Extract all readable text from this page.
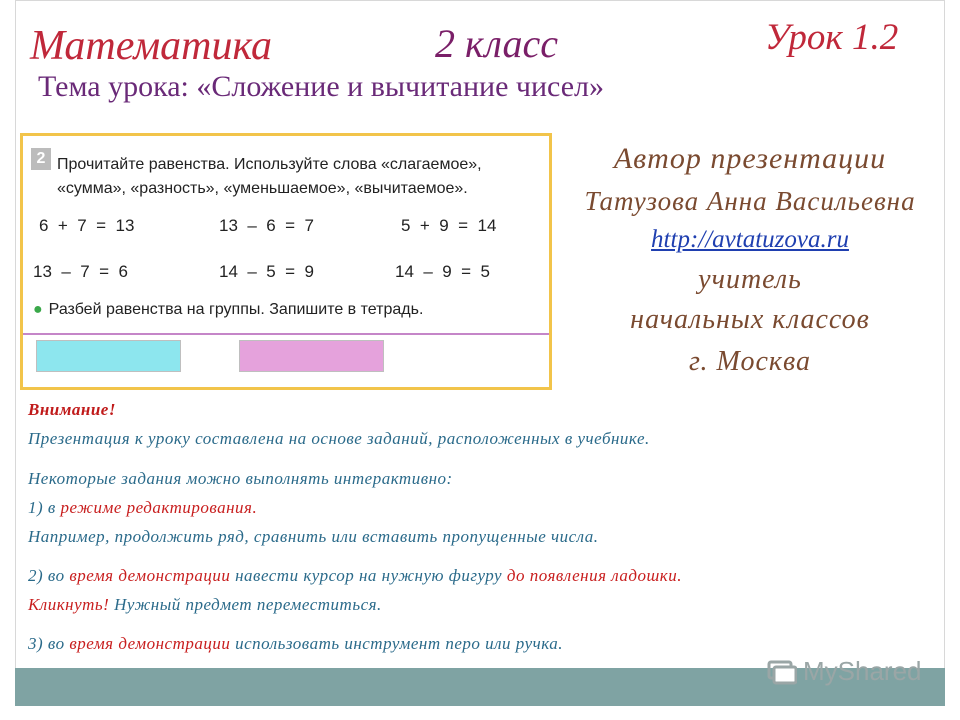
Математика	2 класс	Урок 1.2
Тема урока: «Сложение и вычитание чисел»
2 Прочитайте равенства. Используйте слова «слагаемое»,
«сумма», «разность», «уменьшаемое», «вычитаемое».
6  +  7  =  13	13  –  6  =  7	5  +  9  =  14
13  –  7  =  6	14  –  5  =  9	14  –  9  =  5
● Разбей равенства на группы. Запишите в тетрадь.
Автор презентации
Татузова Анна Васильевна
http://avtatuzova.ru
учитель
начальных классов
г. Москва
Внимание!
Презентация к уроку составлена на основе заданий, расположенных в учебнике.
Некоторые задания можно выполнять интерактивно:
1) в режиме редактирования.
Например, продолжить ряд, сравнить или вставить пропущенные числа.
2) во время демонстрации навести курсор на нужную фигуру до появления ладошки.
Кликнуть! Нужный предмет переместиться.
3) во время демонстрации использовать инструмент перо или ручка.
MyShared
